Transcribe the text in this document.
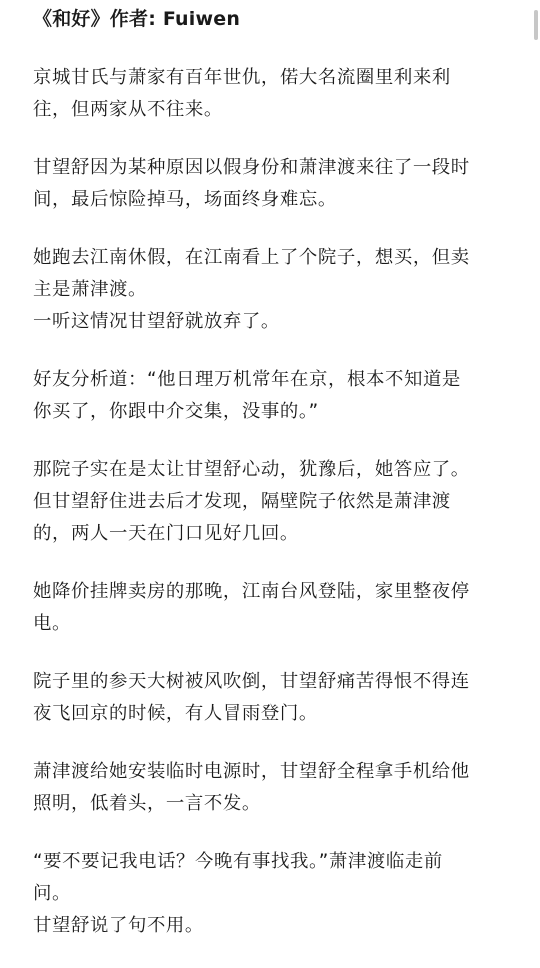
《和好》作者: Fuiwen

京城甘氏与萧家有百年世仇，偌大名流圈里利来利
往，但两家从不往来。

甘望舒因为某种原因以假身份和萧津渡来往了一段时
间，最后惊险掉马，场面终身难忘。

她跑去江南休假，在江南看上了个院子，想买，但卖
主是萧津渡。
一听这情况甘望舒就放弃了。

好友分析道：“他日理万机常年在京，根本不知道是
你买了，你跟中介交集，没事的。”

那院子实在是太让甘望舒心动，犹豫后，她答应了。
但甘望舒住进去后才发现，隔壁院子依然是萧津渡
的，两人一天在门口见好几回。

她降价挂牌卖房的那晚，江南台风登陆，家里整夜停
电。

院子里的参天大树被风吹倒，甘望舒痛苦得恨不得连
夜飞回京的时候，有人冒雨登门。

萧津渡给她安装临时电源时，甘望舒全程拿手机给他
照明，低着头，一言不发。

“要不要记我电话？今晚有事找我。”萧津渡临走前
问。
甘望舒说了句不用。
